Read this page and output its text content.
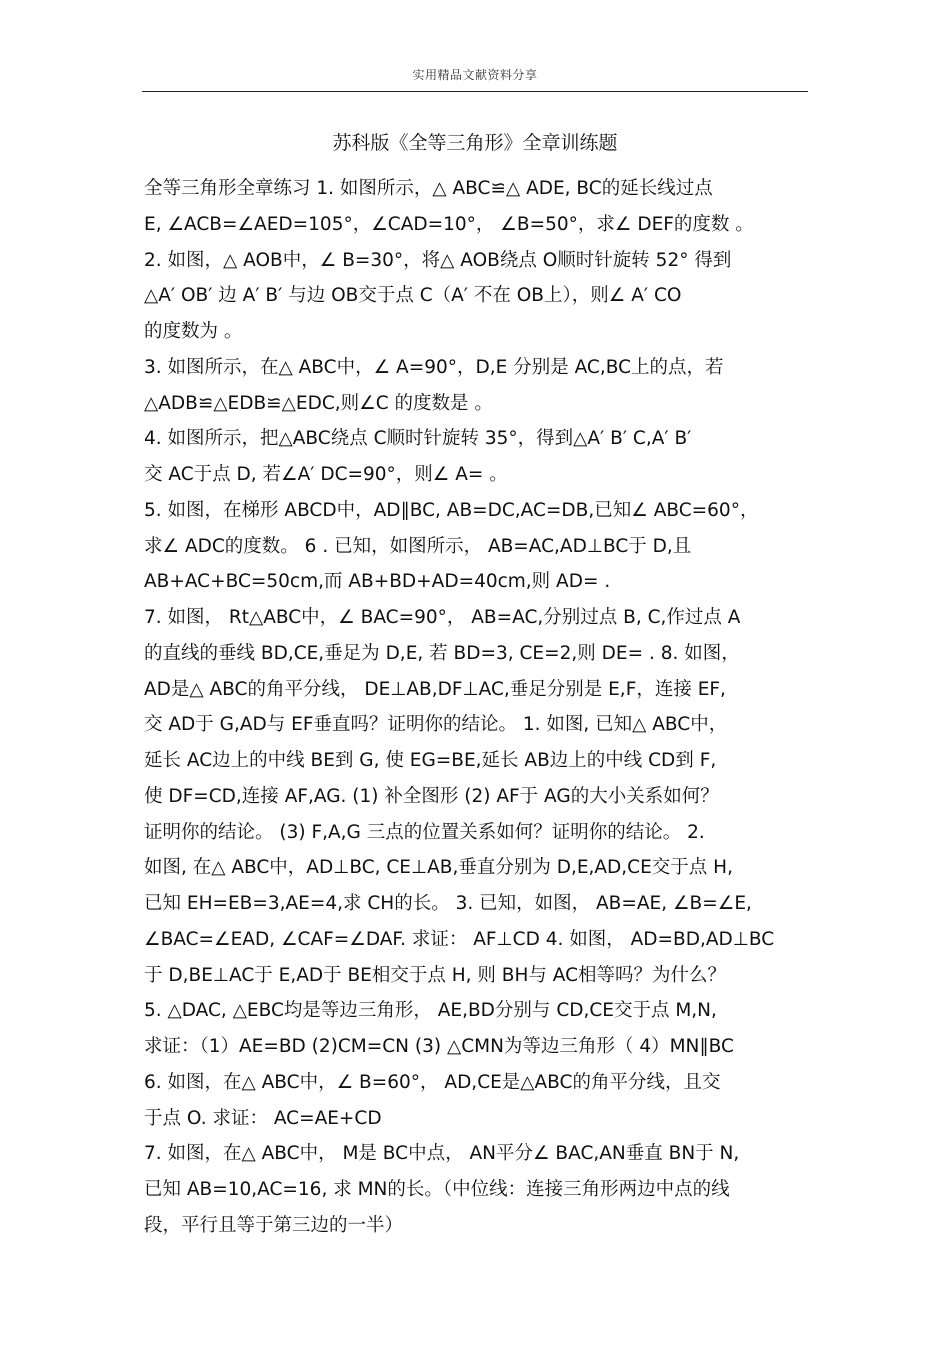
实用精品文献资料分享
苏科版《全等三角形》全章训练题
全等三角形全章练习 1. 如图所示，△ ABC≌△ ADE, BC的延长线过点
E, ∠ACB=∠AED=105°，∠CAD=10°， ∠B=50°，求∠ DEF的度数 。
2. 如图，△ AOB中，∠ B=30°，将△ AOB绕点 O顺时针旋转 52° 得到
△A′ OB′ 边 A′ B′ 与边 OB交于点 C（A′ 不在 OB上），则∠ A′ CO
的度数为 。
3. 如图所示，在△ ABC中，∠ A=90°，D,E 分别是 AC,BC上的点，若
△ADB≌△EDB≌△EDC,则∠C 的度数是 。
4. 如图所示，把△ABC绕点 C顺时针旋转 35°，得到△A′ B′ C,A′ B′
交 AC于点 D, 若∠A′ DC=90°，则∠ A= 。
5. 如图，在梯形 ABCD中，AD∥BC, AB=DC,AC=DB,已知∠ ABC=60°，
求∠ ADC的度数。 6 . 已知，如图所示， AB=AC,AD⊥BC于 D,且
AB+AC+BC=50cm,而 AB+BD+AD=40cm,则 AD= .
7. 如图， Rt△ABC中，∠ BAC=90°， AB=AC,分别过点 B, C,作过点 A
的直线的垂线 BD,CE,垂足为 D,E, 若 BD=3, CE=2,则 DE= . 8. 如图，
AD是△ ABC的角平分线， DE⊥AB,DF⊥AC,垂足分别是 E,F，连接 EF,
交 AD于 G,AD与 EF垂直吗？证明你的结论。 1. 如图, 已知△ ABC中，
延长 AC边上的中线 BE到 G, 使 EG=BE,延长 AB边上的中线 CD到 F,
使 DF=CD,连接 AF,AG. (1) 补全图形 (2) AF于 AG的大小关系如何？
证明你的结论。 (3) F,A,G 三点的位置关系如何？证明你的结论。 2.
如图, 在△ ABC中，AD⊥BC, CE⊥AB,垂直分别为 D,E,AD,CE交于点 H,
已知 EH=EB=3,AE=4,求 CH的长。 3. 已知，如图， AB=AE, ∠B=∠E,
∠BAC=∠EAD, ∠CAF=∠DAF. 求证： AF⊥CD 4. 如图， AD=BD,AD⊥BC
于 D,BE⊥AC于 E,AD于 BE相交于点 H, 则 BH与 AC相等吗？为什么？
5. △DAC, △EBC均是等边三角形， AE,BD分别与 CD,CE交于点 M,N,
求证：（1）AE=BD (2)CM=CN (3) △CMN为等边三角形（ 4）MN∥BC
6. 如图，在△ ABC中，∠ B=60°， AD,CE是△ABC的角平分线，且交
于点 O. 求证： AC=AE+CD
7. 如图，在△ ABC中， M是 BC中点， AN平分∠ BAC,AN垂直 BN于 N,
已知 AB=10,AC=16, 求 MN的长。（中位线：连接三角形两边中点的线
段，平行且等于第三边的一半）
